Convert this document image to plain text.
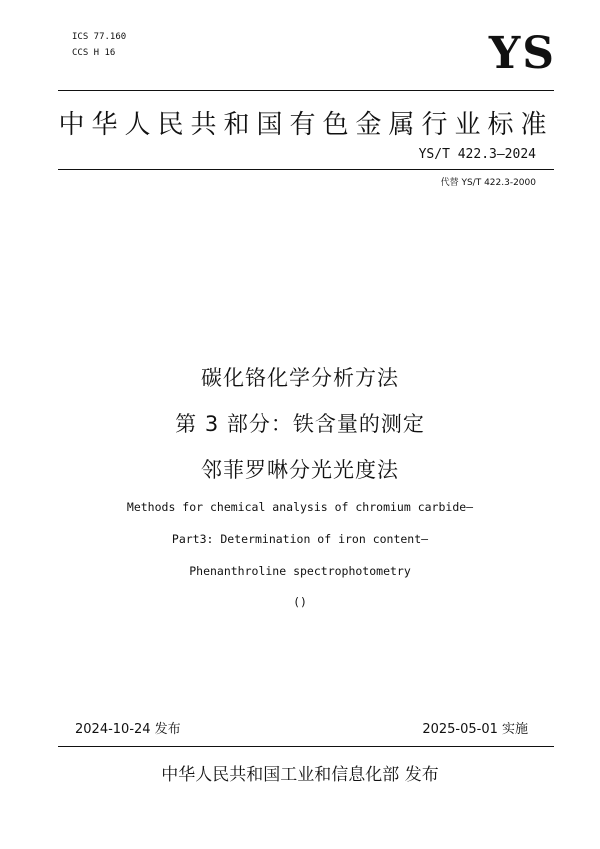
ICS 77.160
CCS H 16	YS
中华人民共和国有色金属行业标准
YS/T 422.3—2024
代替 YS/T 422.3-2000
碳化铬化学分析方法
第 3 部分：铁含量的测定
邻菲罗啉分光光度法
Methods for chemical analysis of chromium carbide—
Part3: Determination of iron content—
Phenanthroline spectrophotometry
()
2024-10-24 发布	2025-05-01 实施
中华人民共和国工业和信息化部 发布
